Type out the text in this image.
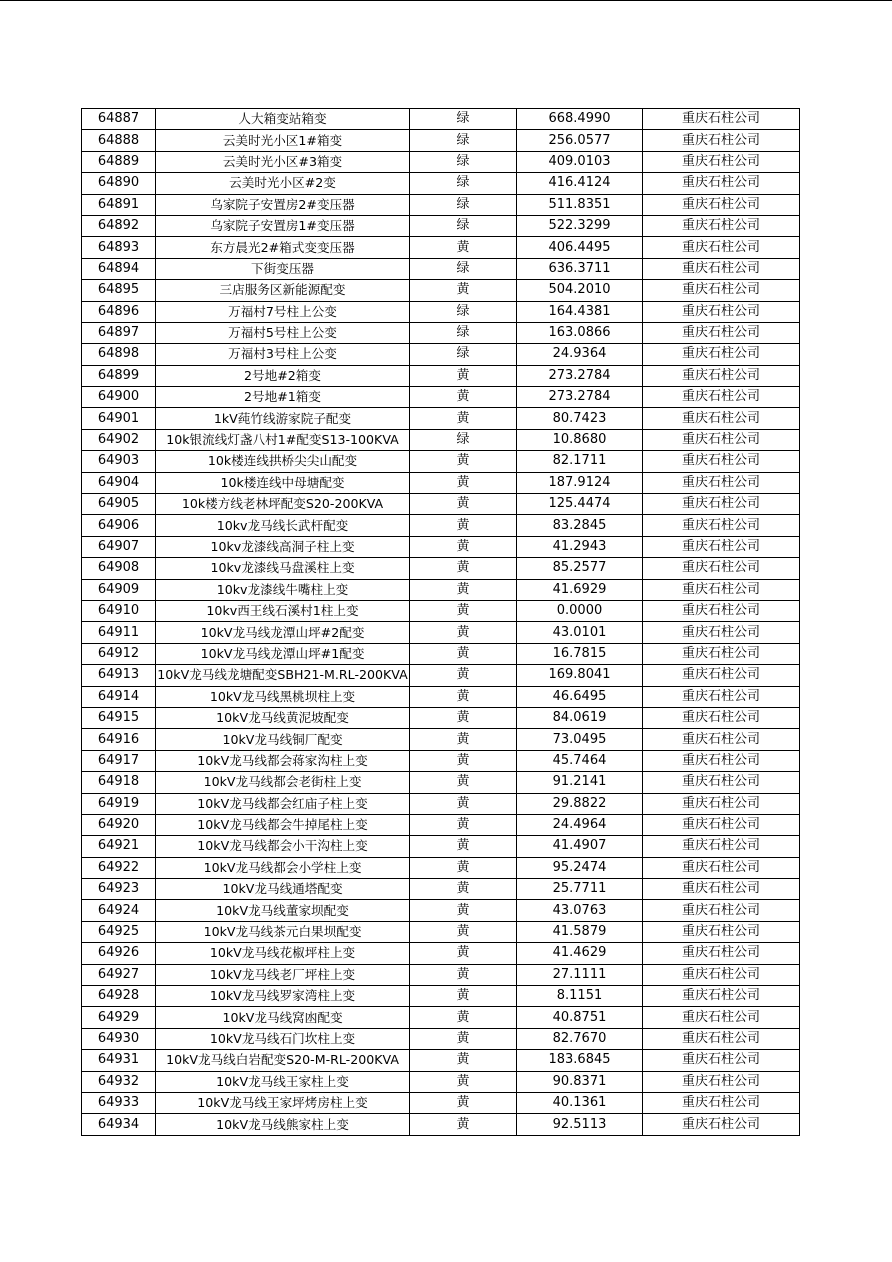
64887	人大箱变站箱变	绿	668.4990	重庆石柱公司
64888	云美时光小区1#箱变	绿	256.0577	重庆石柱公司
64889	云美时光小区#3箱变	绿	409.0103	重庆石柱公司
64890	云美时光小区#2变	绿	416.4124	重庆石柱公司
64891	乌家院子安置房2#变压器	绿	511.8351	重庆石柱公司
64892	乌家院子安置房1#变压器	绿	522.3299	重庆石柱公司
64893	东方晨光2#箱式变变压器	黄	406.4495	重庆石柱公司
64894	下街变压器	绿	636.3711	重庆石柱公司
64895	三店服务区新能源配变	黄	504.2010	重庆石柱公司
64896	万福村7号柱上公变	绿	164.4381	重庆石柱公司
64897	万福村5号柱上公变	绿	163.0866	重庆石柱公司
64898	万福村3号柱上公变	绿	24.9364	重庆石柱公司
64899	2号地#2箱变	黄	273.2784	重庆石柱公司
64900	2号地#1箱变	黄	273.2784	重庆石柱公司
64901	1kV莼竹线游家院子配变	黄	80.7423	重庆石柱公司
64902	10k银流线灯盏八村1#配变S13-100KVA	绿	10.8680	重庆石柱公司
64903	10k楼连线拱桥尖尖山配变	黄	82.1711	重庆石柱公司
64904	10k楼连线中母塘配变	黄	187.9124	重庆石柱公司
64905	10k楼方线老林坪配变S20-200KVA	黄	125.4474	重庆石柱公司
64906	10kv龙马线长武杆配变	黄	83.2845	重庆石柱公司
64907	10kv龙漆线高洞子柱上变	黄	41.2943	重庆石柱公司
64908	10kv龙漆线马盘溪柱上变	黄	85.2577	重庆石柱公司
64909	10kv龙漆线牛嘴柱上变	黄	41.6929	重庆石柱公司
64910	10kv西王线石溪村1柱上变	黄	0.0000	重庆石柱公司
64911	10kV龙马线龙潭山坪#2配变	黄	43.0101	重庆石柱公司
64912	10kV龙马线龙潭山坪#1配变	黄	16.7815	重庆石柱公司
64913	10kV龙马线龙塘配变SBH21-M.RL-200KVA	黄	169.8041	重庆石柱公司
64914	10kV龙马线黑桃坝柱上变	黄	46.6495	重庆石柱公司
64915	10kV龙马线黄泥坡配变	黄	84.0619	重庆石柱公司
64916	10kV龙马线铜厂配变	黄	73.0495	重庆石柱公司
64917	10kV龙马线都会蒋家沟柱上变	黄	45.7464	重庆石柱公司
64918	10kV龙马线都会老街柱上变	黄	91.2141	重庆石柱公司
64919	10kV龙马线都会红庙子柱上变	黄	29.8822	重庆石柱公司
64920	10kV龙马线都会牛掉尾柱上变	黄	24.4964	重庆石柱公司
64921	10kV龙马线都会小干沟柱上变	黄	41.4907	重庆石柱公司
64922	10kV龙马线都会小学柱上变	黄	95.2474	重庆石柱公司
64923	10kV龙马线通塔配变	黄	25.7711	重庆石柱公司
64924	10kV龙马线董家坝配变	黄	43.0763	重庆石柱公司
64925	10kV龙马线茶元白果坝配变	黄	41.5879	重庆石柱公司
64926	10kV龙马线花椒坪柱上变	黄	41.4629	重庆石柱公司
64927	10kV龙马线老厂坪柱上变	黄	27.1111	重庆石柱公司
64928	10kV龙马线罗家湾柱上变	黄	8.1151	重庆石柱公司
64929	10kV龙马线窝凼配变	黄	40.8751	重庆石柱公司
64930	10kV龙马线石门坎柱上变	黄	82.7670	重庆石柱公司
64931	10kV龙马线白岩配变S20-M-RL-200KVA	黄	183.6845	重庆石柱公司
64932	10kV龙马线王家柱上变	黄	90.8371	重庆石柱公司
64933	10kV龙马线王家坪烤房柱上变	黄	40.1361	重庆石柱公司
64934	10kV龙马线熊家柱上变	黄	92.5113	重庆石柱公司
